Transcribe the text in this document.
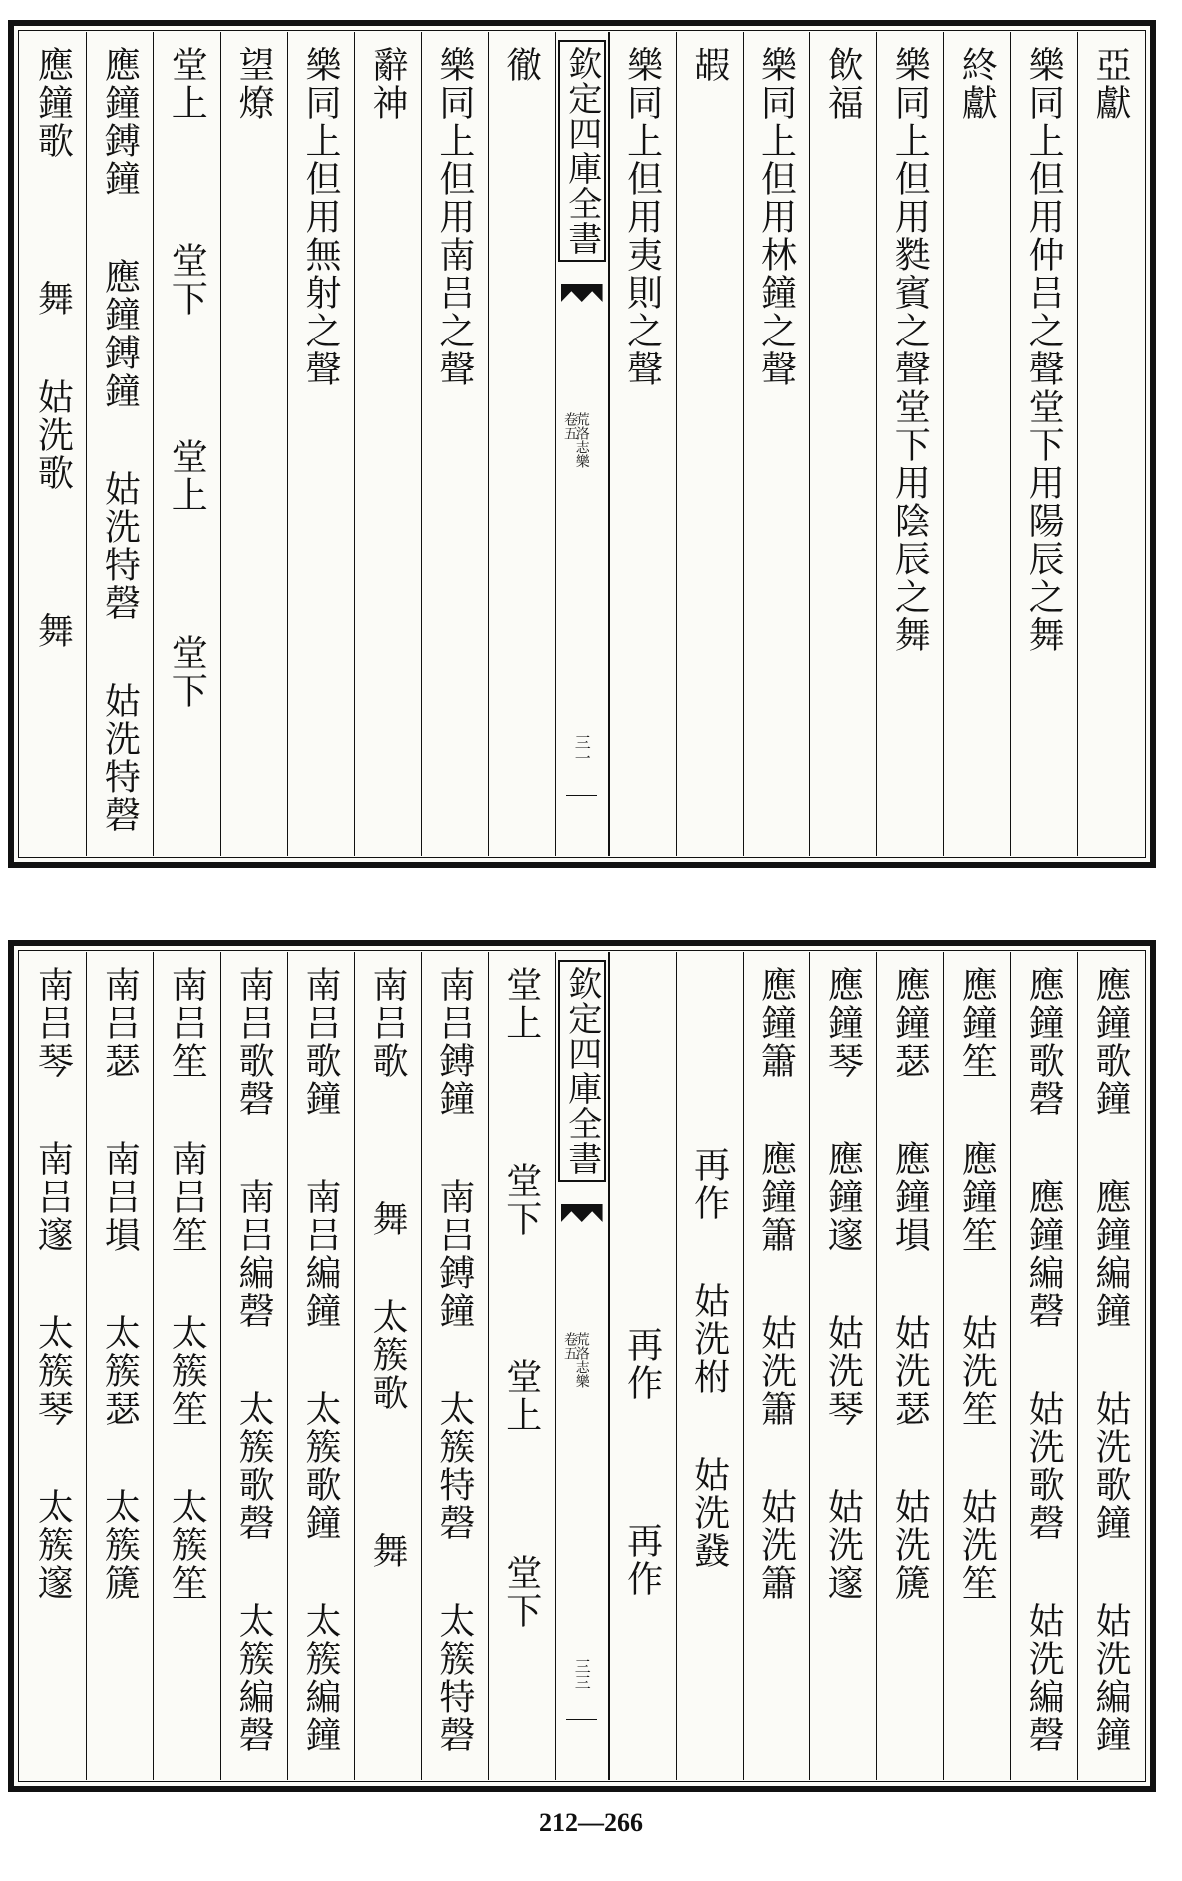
亞獻
樂同上但用仲吕之聲堂下用陽辰之舞
終獻
樂同上但用㽔賓之聲堂下用陰辰之舞
飲福
樂同上但用林鐘之聲
嘏
樂同上但用夷則之聲
欽定四庫全書
荒洛志樂
卷五
三一
徹
樂同上但用南吕之聲
辭神
樂同上但用無射之聲
望燎
堂上堂下堂上堂下
應鐘鎛鐘應鐘鎛鐘姑洗特磬姑洗特磬
應鐘歌舞姑洗歌舞
應鐘歌鐘應鐘編鐘姑洗歌鐘姑洗編鐘
應鐘歌磬應鐘編磬姑洗歌磬姑洗編磬
應鐘笙應鐘笙姑洗笙姑洗笙
應鐘瑟應鐘塤姑洗瑟姑洗篪
應鐘琴應鐘邃姑洗琴姑洗邃
應鐘簫應鐘簫姑洗簫姑洗簫
再作姑洗柎姑洗鼗
再作再作
欽定四庫全書
荒洛志樂
卷五
三三
堂上堂下堂上堂下
南吕鎛鐘南吕鎛鐘太簇特磬太簇特磬
南吕歌舞太簇歌舞
南吕歌鐘南吕編鐘太簇歌鐘太簇編鐘
南吕歌磬南吕編磬太簇歌磬太簇編磬
南吕笙南吕笙太簇笙太簇笙
南吕瑟南吕塤太簇瑟太簇篪
南吕琴南吕邃太簇琴太簇邃
212—266
